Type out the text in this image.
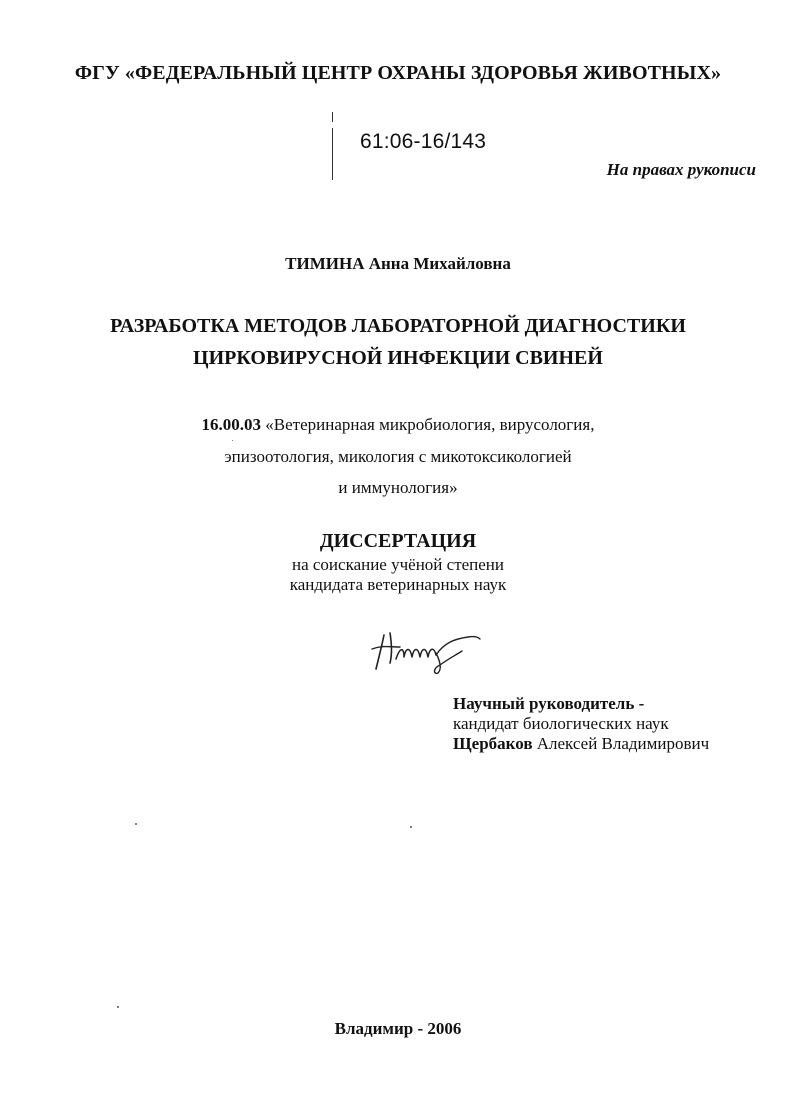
ФГУ «ФЕДЕРАЛЬНЫЙ ЦЕНТР ОХРАНЫ ЗДОРОВЬЯ ЖИВОТНЫХ»
61:06-16/143
На правах рукописи
ТИМИНА Анна Михайловна
РАЗРАБОТКА МЕТОДОВ ЛАБОРАТОРНОЙ ДИАГНОСТИКИ
ЦИРКОВИРУСНОЙ ИНФЕКЦИИ СВИНЕЙ
16.00.03 «Ветеринарная микробиология, вирусология,
эпизоотология, микология с микотоксикологией
и иммунология»
ДИССЕРТАЦИЯ
на соискание учёной степени
кандидата ветеринарных наук
Научный руководитель -
кандидат биологических наук
Щербаков Алексей Владимирович
Владимир - 2006
